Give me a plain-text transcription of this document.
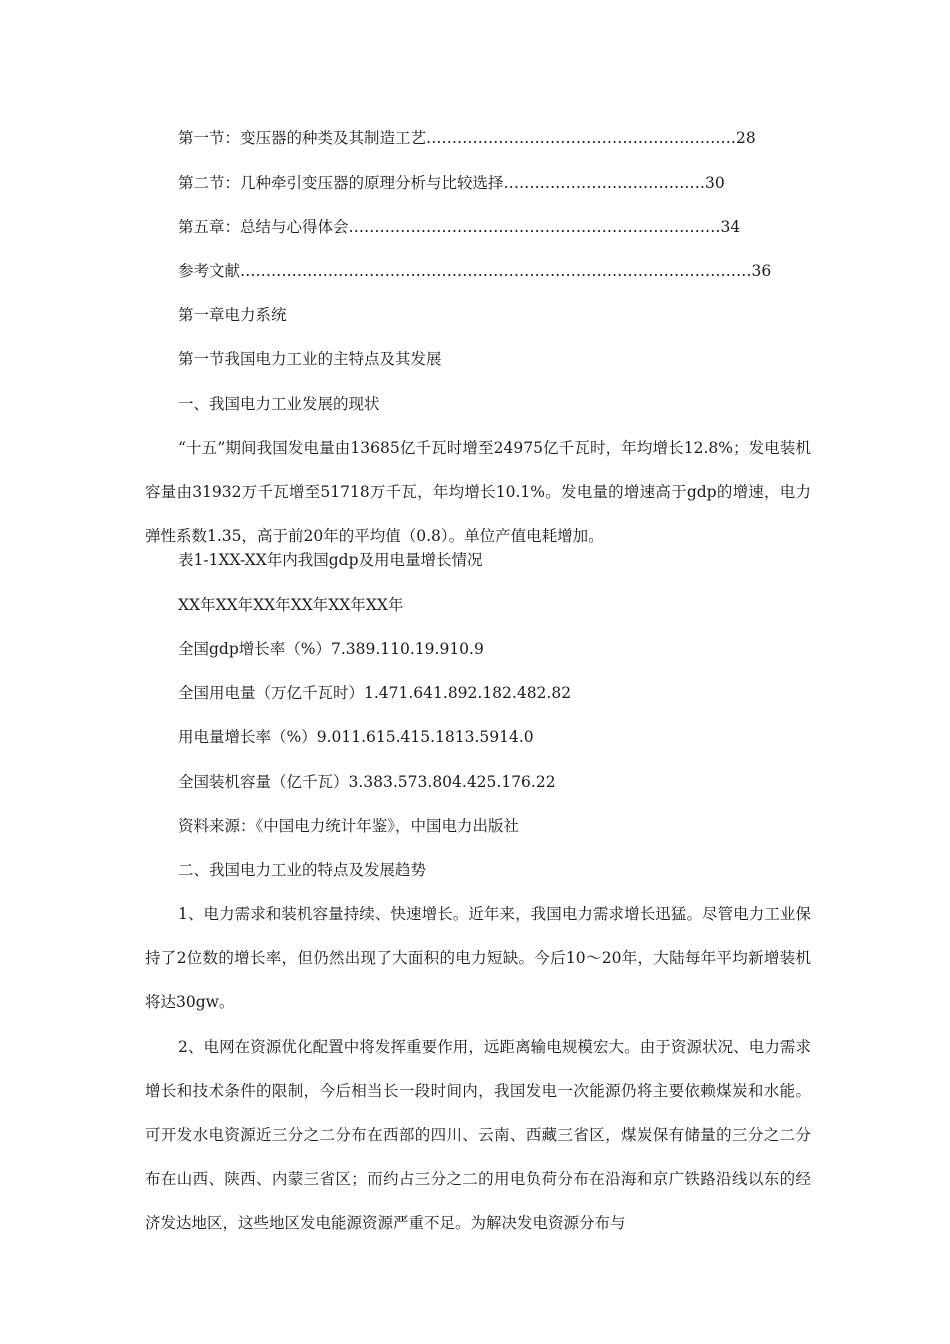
第一节：变压器的种类及其制造工艺……………………………………………………28
第二节：几种牵引变压器的原理分析与比较选择…………………………………30
第五章：总结与心得体会………………………………………………………………34
参考文献………………………………………………………………………………………36
第一章电力系统
第一节我国电力工业的主特点及其发展
一、我国电力工业发展的现状
“十五”期间我国发电量由13685亿千瓦时增至24975亿千瓦时，年均增长12.8%；发电装机容量由31932万千瓦增至51718万千瓦，年均增长10.1%。发电量的增速高于gdp的增速，电力弹性系数1.35，高于前20年的平均值（0.8）。单位产值电耗增加。
表1-1XX-XX年内我国gdp及用电量增长情况
XX年XX年XX年XX年XX年XX年
全国gdp增长率（%）7.389.110.19.910.9
全国用电量（万亿千瓦时）1.471.641.892.182.482.82
用电量增长率（%）9.011.615.415.1813.5914.0
全国装机容量（亿千瓦）3.383.573.804.425.176.22
资料来源：《中国电力统计年鉴》，中国电力出版社
二、我国电力工业的特点及发展趋势
1、电力需求和装机容量持续、快速增长。近年来，我国电力需求增长迅猛。尽管电力工业保持了2位数的增长率，但仍然出现了大面积的电力短缺。今后10～20年，大陆每年平均新增装机将达30gw。
2、电网在资源优化配置中将发挥重要作用，远距离输电规模宏大。由于资源状况、电力需求增长和技术条件的限制，今后相当长一段时间内，我国发电一次能源仍将主要依赖煤炭和水能。可开发水电资源近三分之二分布在西部的四川、云南、西藏三省区，煤炭保有储量的三分之二分布在山西、陕西、内蒙三省区；而约占三分之二的用电负荷分布在沿海和京广铁路沿线以东的经济发达地区，这些地区发电能源资源严重不足。为解决发电资源分布与
